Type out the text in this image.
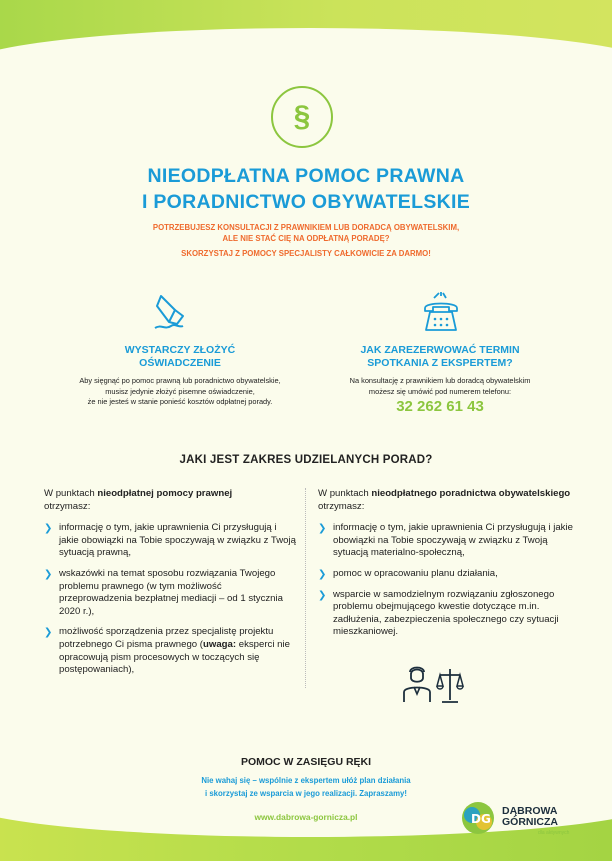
§
NIEODPŁATNA POMOC PRAWNA
I PORADNICTWO OBYWATELSKIE
POTRZEBUJESZ KONSULTACJI Z PRAWNIKIEM LUB DORADCĄ OBYWATELSKIM,
ALE NIE STAĆ CIĘ NA ODPŁATNĄ PORADĘ?
SKORZYSTAJ Z POMOCY SPECJALISTY CAŁKOWICIE ZA DARMO!
WYSTARCZY ZŁOŻYĆ
OŚWIADCZENIE
Aby sięgnąć po pomoc prawną lub poradnictwo obywatelskie,
musisz jedynie złożyć pisemne oświadczenie,
że nie jesteś w stanie ponieść kosztów odpłatnej porady.
JAK ZAREZERWOWAĆ TERMIN
SPOTKANIA Z EKSPERTEM?
Na konsultację z prawnikiem lub doradcą obywatelskim
możesz się umówić pod numerem telefonu:
32 262 61 43
JAKI JEST ZAKRES UDZIELANYCH PORAD?
W punktach nieodpłatnej pomocy prawnej
otrzymasz:
❯ informację o tym, jakie uprawnienia Ci przysługują i jakie obowiązki na Tobie spoczywają w związku z Twoją sytuacją prawną,
❯ wskazówki na temat sposobu rozwiązania Twojego problemu prawnego (w tym możliwość przeprowadzenia bezpłatnej mediacji – od 1 stycznia 2020 r.),
❯ możliwość sporządzenia przez specjalistę projektu potrzebnego Ci pisma prawnego (uwaga: eksperci nie opracowują pism procesowych w toczących się postępowaniach),
W punktach nieodpłatnego poradnictwa obywatelskiego otrzymasz:
❯ informację o tym, jakie uprawnienia Ci przysługują i jakie obowiązki na Tobie spoczywają w związku z Twoją sytuacją materialno-społeczną,
❯ pomoc w opracowaniu planu działania,
❯ wsparcie w samodzielnym rozwiązaniu zgłoszonego problemu obejmującego kwestie dotyczące m.in. zadłużenia, zabezpieczenia społecznego czy sytuacji mieszkaniowej.
POMOC W ZASIĘGU RĘKI
Nie wahaj się – wspólnie z ekspertem ułóż plan działania
i skorzystaj ze wsparcia w jego realizacji. Zapraszamy!
www.dabrowa-gornicza.pl	DG
DĄBROWA
GÓRNICZA
dla aktywnych
